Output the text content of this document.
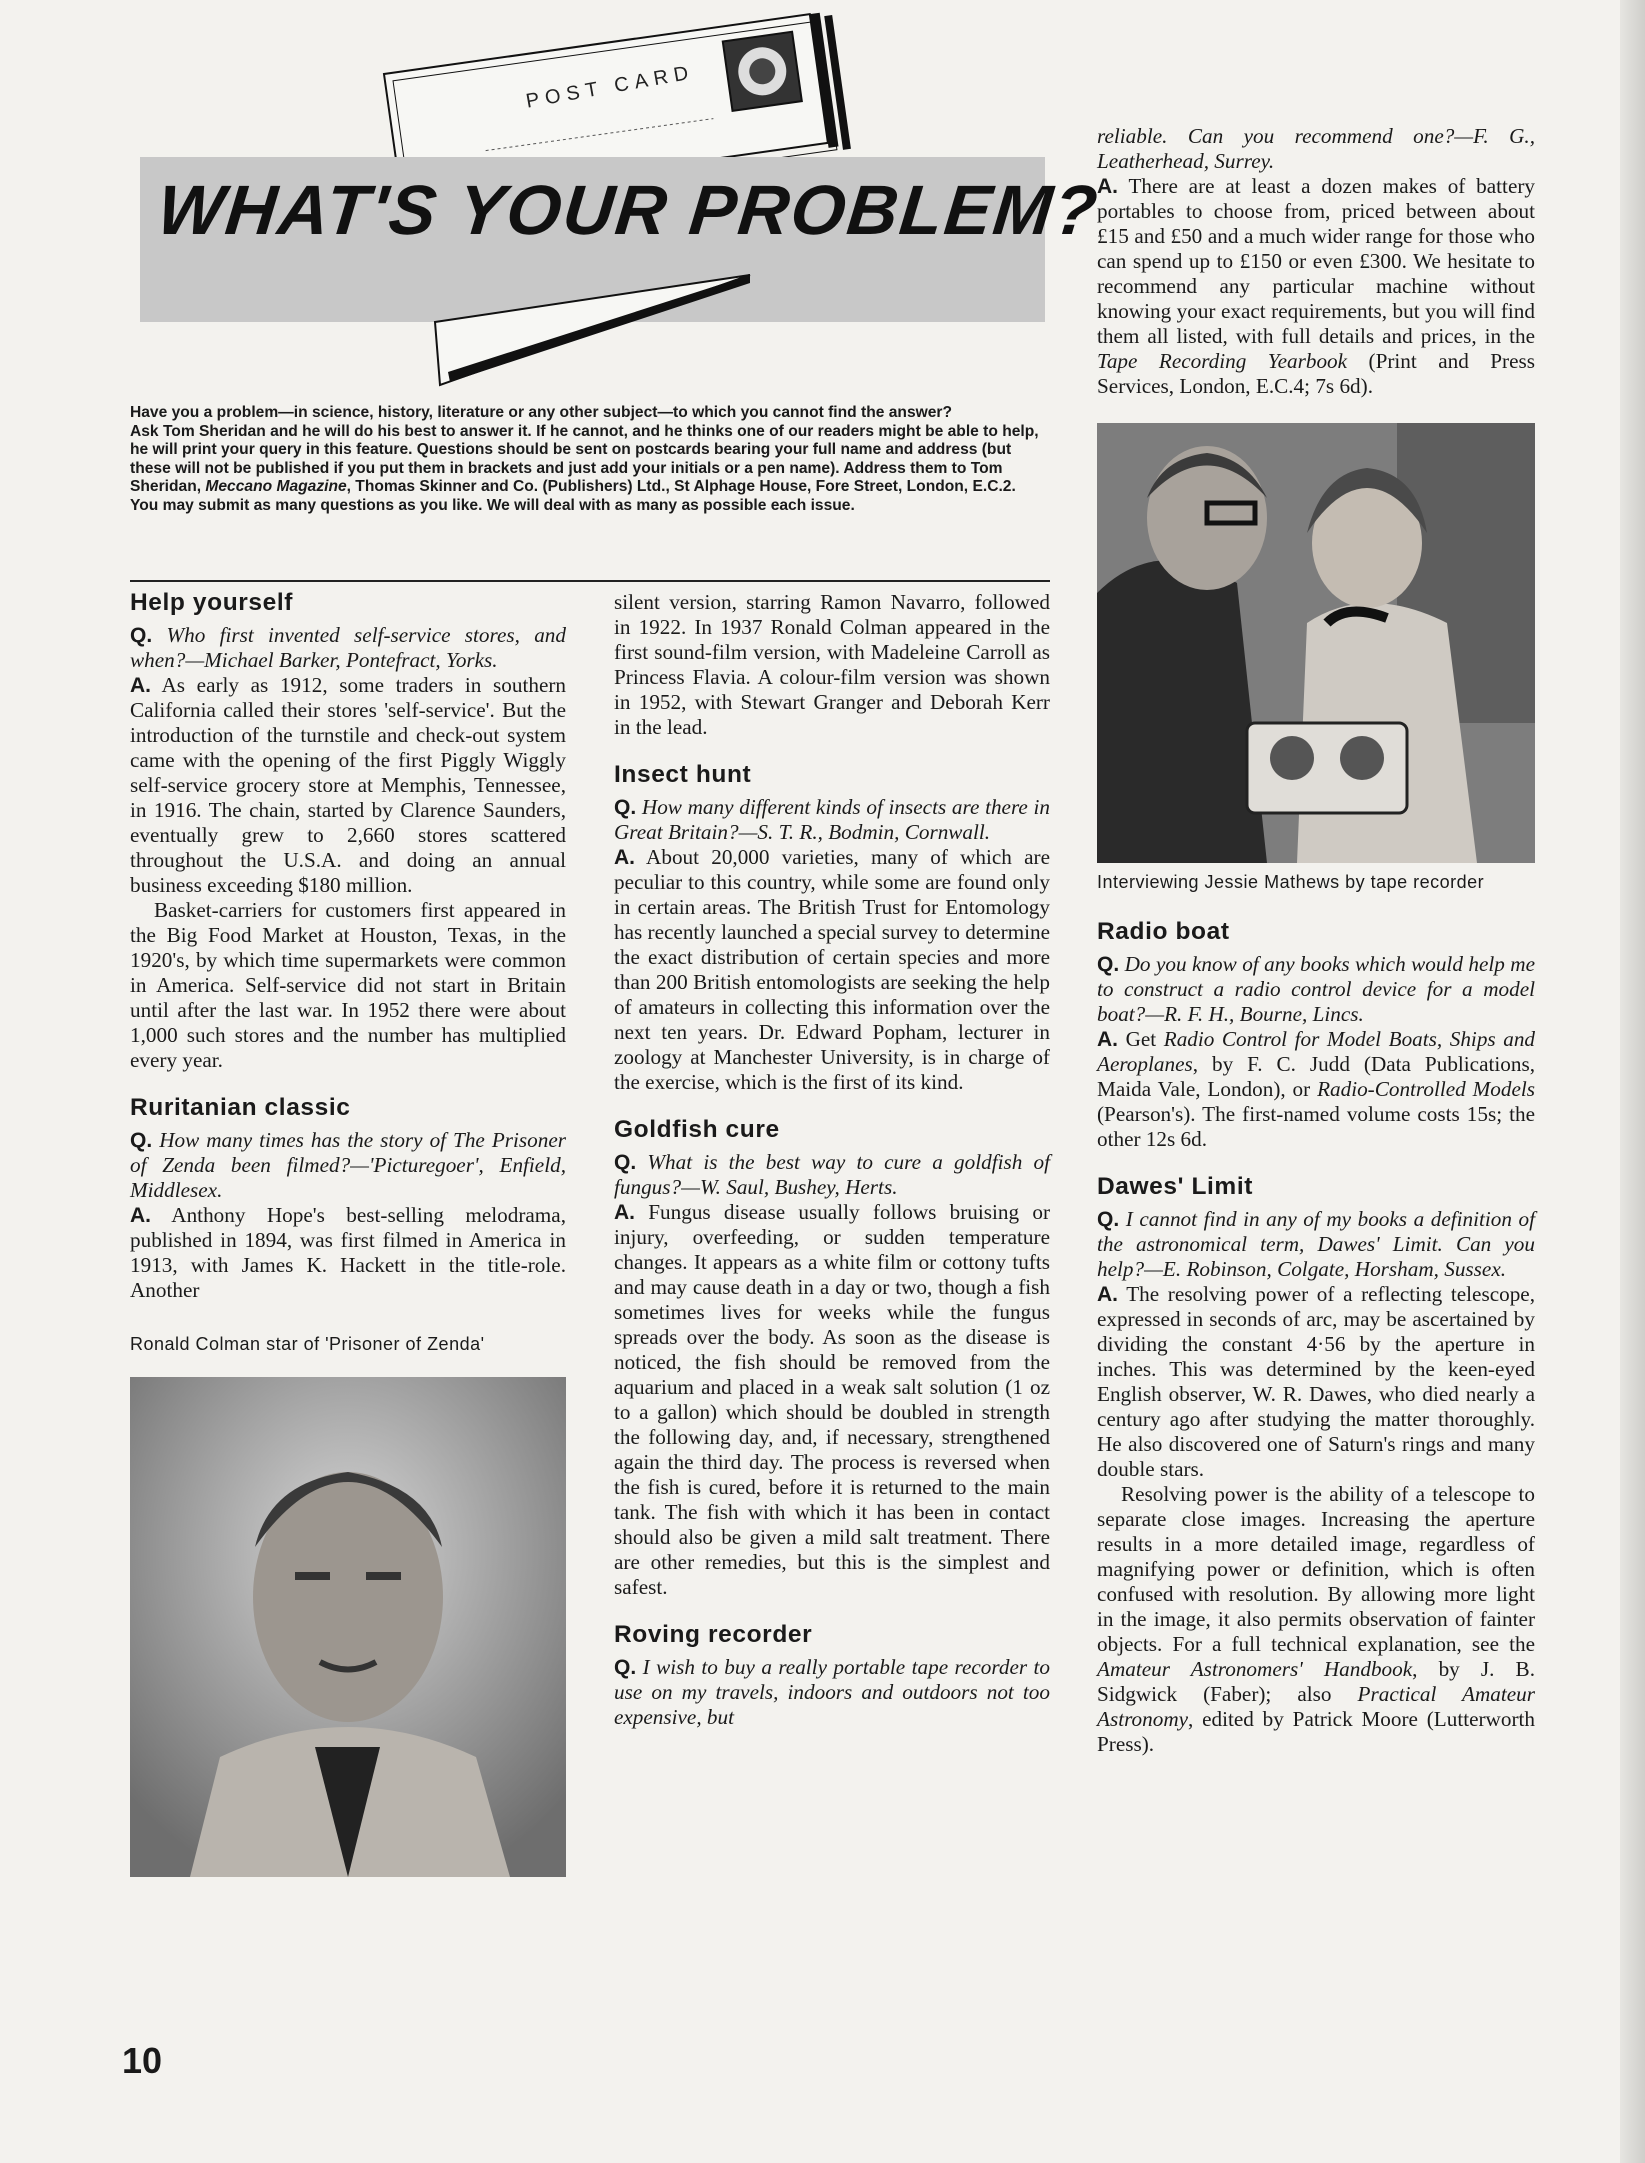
POST CARD
WHAT'S YOUR PROBLEM?

Have you a problem—in science, history, literature or any other subject—to which you cannot find the answer?

Ask Tom Sheridan and he will do his best to answer it. If he cannot, and he thinks one of our readers might be able to help, he will print your query in this feature. Questions should be sent on postcards bearing your full name and address (but these will not be published if you put them in brackets and just add your initials or a pen name). Address them to Tom Sheridan, Meccano Magazine, Thomas Skinner and Co. (Publishers) Ltd., St Alphage House, Fore Street, London, E.C.2.

You may submit as many questions as you like. We will deal with as many as possible each issue.

Help yourself

Q. Who first invented self-service stores, and when?—Michael Barker, Pontefract, Yorks.

A. As early as 1912, some traders in southern California called their stores 'self-service'. But the introduction of the turnstile and check-out system came with the opening of the first Piggly Wiggly self-service grocery store at Memphis, Tennessee, in 1916. The chain, started by Clarence Saunders, eventually grew to 2,660 stores scattered throughout the U.S.A. and doing an annual business exceeding $180 million.

Basket-carriers for customers first appeared in the Big Food Market at Houston, Texas, in the 1920's, by which time supermarkets were common in America. Self-service did not start in Britain until after the last war. In 1952 there were about 1,000 such stores and the number has multiplied every year.

Ruritanian classic

Q. How many times has the story of The Prisoner of Zenda been filmed?—'Picturegoer', Enfield, Middlesex.

A. Anthony Hope's best-selling melodrama, published in 1894, was first filmed in America in 1913, with James K. Hackett in the title-role. Another

Ronald Colman star of 'Prisoner of Zenda'

silent version, starring Ramon Navarro, followed in 1922. In 1937 Ronald Colman appeared in the first sound-film version, with Madeleine Carroll as Princess Flavia. A colour-film version was shown in 1952, with Stewart Granger and Deborah Kerr in the lead.

Insect hunt

Q. How many different kinds of insects are there in Great Britain?—S. T. R., Bodmin, Cornwall.

A. About 20,000 varieties, many of which are peculiar to this country, while some are found only in certain areas. The British Trust for Entomology has recently launched a special survey to determine the exact distribution of certain species and more than 200 British entomologists are seeking the help of amateurs in collecting this information over the next ten years. Dr. Edward Popham, lecturer in zoology at Manchester University, is in charge of the exercise, which is the first of its kind.

Goldfish cure

Q. What is the best way to cure a goldfish of fungus?—W. Saul, Bushey, Herts.

A. Fungus disease usually follows bruising or injury, overfeeding, or sudden temperature changes. It appears as a white film or cottony tufts and may cause death in a day or two, though a fish sometimes lives for weeks while the fungus spreads over the body. As soon as the disease is noticed, the fish should be removed from the aquarium and placed in a weak salt solution (1 oz to a gallon) which should be doubled in strength the following day, and, if necessary, strengthened again the third day. The process is reversed when the fish is cured, before it is returned to the main tank. The fish with which it has been in contact should also be given a mild salt treatment. There are other remedies, but this is the simplest and safest.

Roving recorder

Q. I wish to buy a really portable tape recorder to use on my travels, indoors and outdoors not too expensive, but

reliable. Can you recommend one?—F. G., Leatherhead, Surrey.

A. There are at least a dozen makes of battery portables to choose from, priced between about £15 and £50 and a much wider range for those who can spend up to £150 or even £300. We hesitate to recommend any particular machine without knowing your exact requirements, but you will find them all listed, with full details and prices, in the Tape Recording Yearbook (Print and Press Services, London, E.C.4; 7s 6d).

Interviewing Jessie Mathews by tape recorder

Radio boat

Q. Do you know of any books which would help me to construct a radio control device for a model boat?—R. F. H., Bourne, Lincs.

A. Get Radio Control for Model Boats, Ships and Aeroplanes, by F. C. Judd (Data Publications, Maida Vale, London), or Radio-Controlled Models (Pearson's). The first-named volume costs 15s; the other 12s 6d.

Dawes' Limit

Q. I cannot find in any of my books a definition of the astronomical term, Dawes' Limit. Can you help?—E. Robinson, Colgate, Horsham, Sussex.

A. The resolving power of a reflecting telescope, expressed in seconds of arc, may be ascertained by dividing the constant 4·56 by the aperture in inches. This was determined by the keen-eyed English observer, W. R. Dawes, who died nearly a century ago after studying the matter thoroughly. He also discovered one of Saturn's rings and many double stars.

Resolving power is the ability of a telescope to separate close images. Increasing the aperture results in a more detailed image, regardless of magnifying power or definition, which is often confused with resolution. By allowing more light in the image, it also permits observation of fainter objects. For a full technical explanation, see the Amateur Astronomers' Handbook, by J. B. Sidgwick (Faber); also Practical Amateur Astronomy, edited by Patrick Moore (Lutterworth Press).

10
